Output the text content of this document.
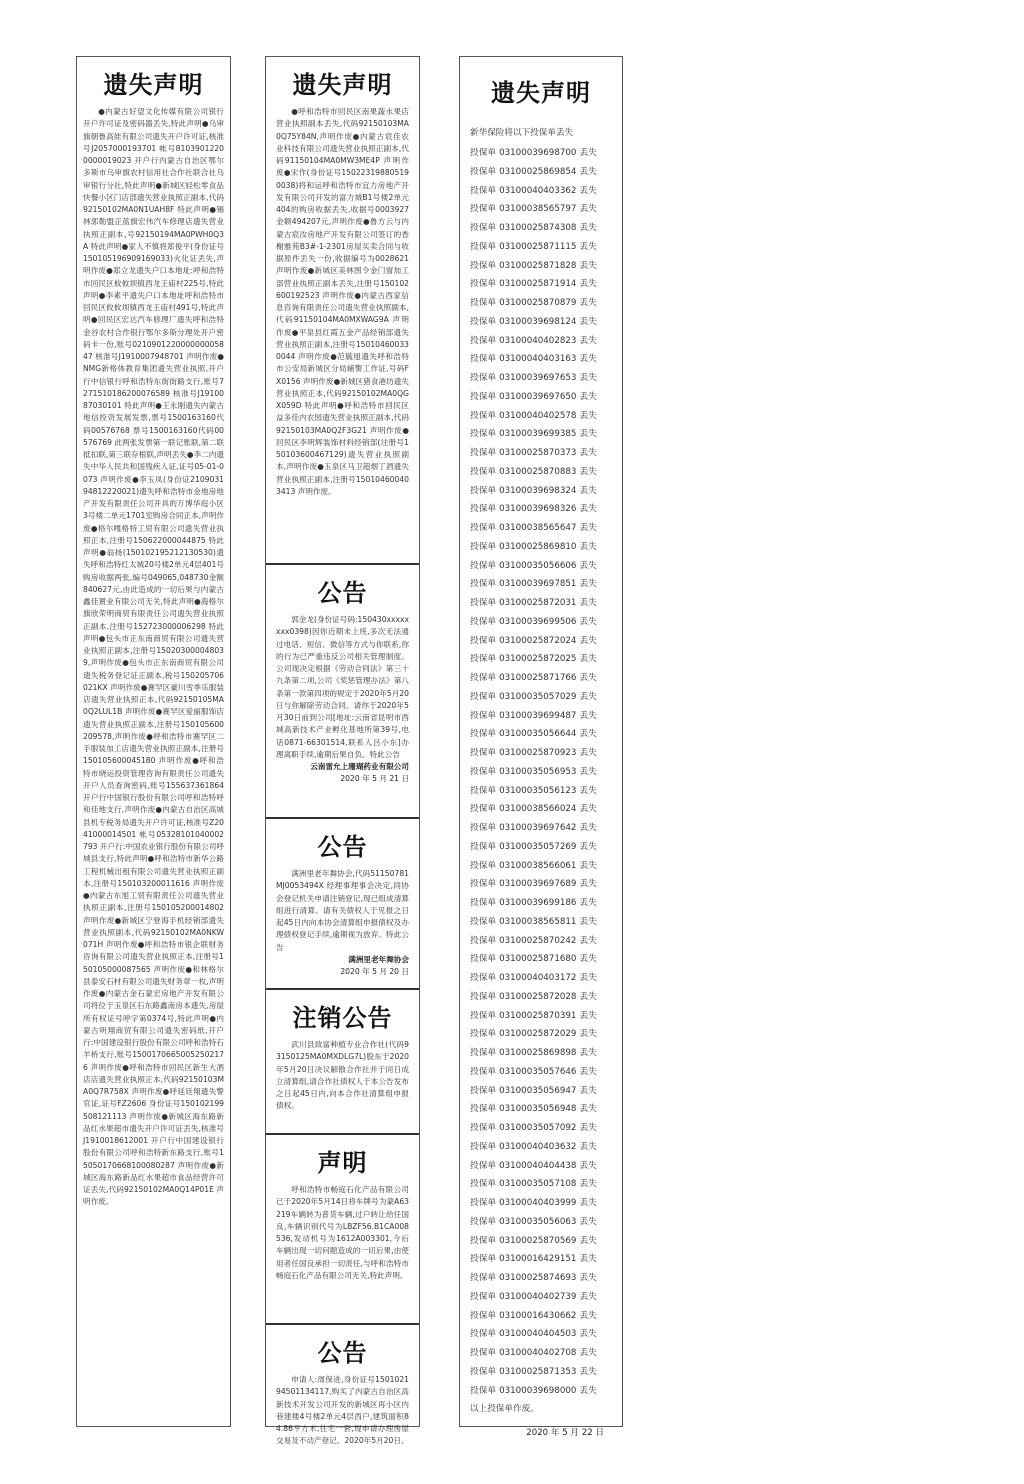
遗失声明
●内蒙古好望文化传媒有限公司银行开户许可证及密码器丢失,特此声明●乌审旗朝鲁高娃有限公司遗失开户许可证,核准号J2057000193701 帐号81039012200000019023 开户行内蒙古自治区鄂尔多斯市乌审旗农村信用社合作社联合社乌审银行分社,特此声明●新城区轻松零食品快餐小区门店部遗失营业执照正副本,代码92150102MA0N1UAH8F 特此声明●锡林郭勒盟正蓝旗宏伟汽车修理店遗失营业执照正副本,号92150194MA0PWH0Q3A 特此声明●家人不慎将郑俊平(身份证号150105196909169033)火化证丢失,声明作废●郑立龙遗失户口本地址:呼和浩特市回民区攸攸坝镇西龙王庙村225号,特此声明●李素平遗失户口本地址呼和浩特市回民区攸攸坝镇西龙王庙村491号,特此声明●回民区宏达汽车修理厂遗失呼和浩特金谷农村合作银行鄂尔多斯分理处开户密码卡一份,账号021090122000000005847 核准号J1910007948701 声明作废●NMG新格体教育集团遗失营业执照,开户行中信银行呼和浩特东街街路支行,账号7271510186200076589 核准号J1910087030101 特此声明●王永刚遗失内蒙古地信投资发展发票,票号1500163160代码00576768 票号1500163160代码00576769 此两张发票第一联记账联,第二联抵扣联,第三联存根联,声明丢失●李二内遗失中华人民共和国残疾人证,证号05-01-0073 声明作废●李玉凤(身份证210903194812220021)遗失呼和浩特市金地房地产开发有限责任公司开具的万博华庭小区3号楼二单元1701室购房合同正本,声明作废●格尔嘎格特工贸有限公司遗失营业执照正本,注册号150622000044875 特此声明●翁扬(150102195212130530)遗失呼和浩特红太城20号楼2单元4层401号购房收据两张,编号049065,048730金额840627元,由此造成的一切后果与内蒙古鑫佳置业有限公司无关,特此声明●海格尔旗欣荣明商贸有限责任公司遗失营业执照正副本,注册号152723000006298 特此声明●包头市正东南商贸有限公司遗失营业执照正副本,注册号150203000048039,声明作废●包头市正东南商贸有限公司遗失税务登记证正副本,税号150205706021KX 声明作废●赛罕区豪川雪季乐服装店遗失营业执照正本,代码92150105MA0Q2LUL1B 声明作废●赛罕区爱丽服饰店遗失营业执照正副本,注册号150105600209578,声明作废●呼和浩特市赛罕区二手服装加工店遗失营业执照正副本,注册号150105600045180 声明作废●呼和浩特市晓运投资管理咨询有限责任公司遗失开户人员查询密码,账号155637361864 开户行中国银行股份有限公司呼和浩特呼和佳地支行,声明作废●内蒙古自治区高城县机专税务局遗失开户许可证,核准号Z2041000014501 帐号05328101040002793 开户行:中国农业银行股份有限公司呼城县支行,特此声明●呼和浩特市新华公路工程机械出租有限公司遗失营业执照正副本,注册号150103200011616 声明作废●内蒙古东旭工贸有限责任公司遗失营业执照正副本,注册号150105200014802 声明作废●新城区宁登海手机经销部遗失营业执照副本,代码92150102MA0NKW071H 声明作废●呼和浩特市银企联财务咨询有限公司遗失营业执照正本,注册号150105000087565 声明作废●和林格尔县泰安石材有限公司遗失财务章一枚,声明作废●内蒙古金石蒙宏房地产开发有限公司将位于玉泉区石东路鑫南房本遗失,房屋所有权证号呼字第0374号,特此声明●内蒙古明翔商贸有限公司遗失密码纸,开户行:中国建设银行股份有限公司呼和浩特石羊桥支行,账号15001706650052502176 声明作废●呼和浩特市回民区新生大酒店店遗失营业执照正本,代码92150103MA0Q7R758X 声明作废●呼延廷翔遗失警官证,证号FZ2606 身份证号150102199508121113 声明作废●新城区海东路新品红水果超市遗失开户许可证丢失,核准号J1910018612001 开户行中国建设银行股份有限公司呼和浩特新东路支行,账号15050170668100080287 声明作废●新城区海东路新品红水果超市食品经营许可证丢失,代码92150102MA0Q14P01E 声明作废。
遗失声明
●呼和浩特市回民区南果蔬水果店营业执照副本丢失,代码92150103MA0Q75Y84N,声明作废●内蒙古宸佳农业科技有限公司遗失营业执照正副本,代码91150104MA0MW3ME4P 声明作废●宋作(身份证号150223198805190038)将和运呼和浩特市宜力房地产开发有限公司开发的富力城B1号楼2单元404的购房收据丢失,收据号0003927金额494207元,声明作废●鲁方云与内蒙古宸汝房地产开发有限公司签订的香榭雅苑B3#-1-2301房屋买卖合同与收据原件丢失一份,收据编号为0028621 声明作废●新城区美林图令金门窗加工部营业执照正副本丢失,注册号150102600192523 声明作废●内蒙古西家信息咨询有限责任公司遗失营业执照副本,代码91150104MA0MXWAG9A 声明作废●平泉县红霞五金产品经销部遗失营业执照正副本,注册号150104600330044 声明作废●范毓旭遗失呼和浩特市公安局新城区分局辅警工作证,号码FX0156 声明作废●新城区猪食港坊遗失营业执照正本,代码92150102MA0QGX059D 特此声明●呼和浩特市回民区益多佳内农园遗失营业执照正副本,代码92150103MA0Q2F3G21 声明作废●回民区李明辉装饰材料经销部(注册号150103600467129)遗失营业执照副本,声明作废●玉泉区马卫超烟丁酒遗失营业执照正副本,注册号150104600403413 声明作废。
公告
郭金龙(身份证号码:150430xxxxxxxx0398)因你近期未上班,多次无法通过电话、短信、微信等方式与你联系,你的行为已严重违反公司相关管理制度。公司现决定根据《劳动合同法》第三十九条第二项,公司《奖惩管理办法》第八条第一款第四项的规定于2020年5月20日与你解除劳动合同。请你于2020年5月30日前到公司[地址:云南省昆明市西城高新技术产业孵化基地所第39号,电话0871-66301514,联系人吕小东]办理离职手续,逾期后果自负。特此公告
云南雷允上珊瑚药业有限公司
2020 年 5 月 21 日
公告
满洲里老年舞协会,代码51150781MJ0053494X 经理事理事会决定,同协会登记机关申请注销登记,现已组成清算组进行清算。请有关债权人于见报之日起45日内向本协会清算组申报债权及办理债权登记手续,逾期视为放弃。特此公告
满洲里老年舞协会
2020 年 5 月 20 日
注销公告
武川县致富种植专业合作社(代码93150125MA0MXDLG7L)股东于2020年5月20日决议解散合作社并于同日成立清算组,请合作社债权人于本公告发布之日起45日内,向本合作社清算组申报债权。
声明
呼和浩特市畅庭石化产品有限公司已于2020年5月14日将车牌号为蒙A63219车辆转为普货车辆,过户转让给任国良,车辆识别代号为LBZF56.B1CA008536,发动机号为1612A003301,今后车辆出现一切问题造成的一切后果,由使用者任国良承担一切责任,与呼和浩特市畅庭石化产品有限公司无关,特此声明。
公告
申请人:周保进,身份证号150102194501134117,购买了内蒙古自治区高新技术开发公司开发的新城区再小区内巷建楼4号楼2单元4层西户,建筑面积84.86平方米,住宅一套,现申请办理房屋交易及不动产登记。2020年5月20日。
遗失声明
新华保险将以下投保单丢失
投保单 03100039698700 丢失
投保单 03100025869854 丢失
投保单 03100040403362 丢失
投保单 03100038565797 丢失
投保单 03100025874308 丢失
投保单 03100025871115 丢失
投保单 03100025871828 丢失
投保单 03100025871914 丢失
投保单 03100025870879 丢失
投保单 03100039698124 丢失
投保单 03100040402823 丢失
投保单 03100040403163 丢失
投保单 03100039697653 丢失
投保单 03100039697650 丢失
投保单 03100040402578 丢失
投保单 03100039699385 丢失
投保单 03100025870373 丢失
投保单 03100025870883 丢失
投保单 03100039698324 丢失
投保单 03100039698326 丢失
投保单 03100038565647 丢失
投保单 03100025869810 丢失
投保单 03100035056606 丢失
投保单 03100039697851 丢失
投保单 03100025872031 丢失
投保单 03100039699506 丢失
投保单 03100025872024 丢失
投保单 03100025872025 丢失
投保单 03100025871766 丢失
投保单 03100035057029 丢失
投保单 03100039699487 丢失
投保单 03100035056644 丢失
投保单 03100025870923 丢失
投保单 03100035056953 丢失
投保单 03100035056123 丢失
投保单 03100038566024 丢失
投保单 03100039697642 丢失
投保单 03100035057269 丢失
投保单 03100038566061 丢失
投保单 03100039697689 丢失
投保单 03100039699186 丢失
投保单 03100038565811 丢失
投保单 03100025870242 丢失
投保单 03100025871680 丢失
投保单 03100040403172 丢失
投保单 03100025872028 丢失
投保单 03100025870391 丢失
投保单 03100025872029 丢失
投保单 03100025869898 丢失
投保单 03100035057646 丢失
投保单 03100035056947 丢失
投保单 03100035056948 丢失
投保单 03100035057092 丢失
投保单 03100040403632 丢失
投保单 03100040404438 丢失
投保单 03100035057108 丢失
投保单 03100040403999 丢失
投保单 03100035056063 丢失
投保单 03100025870569 丢失
投保单 03100016429151 丢失
投保单 03100025874693 丢失
投保单 03100040402739 丢失
投保单 03100016430662 丢失
投保单 03100040404503 丢失
投保单 03100040402708 丢失
投保单 03100025871353 丢失
投保单 03100039698000 丢失
以上投保单作废。
2020 年 5 月 22 日
